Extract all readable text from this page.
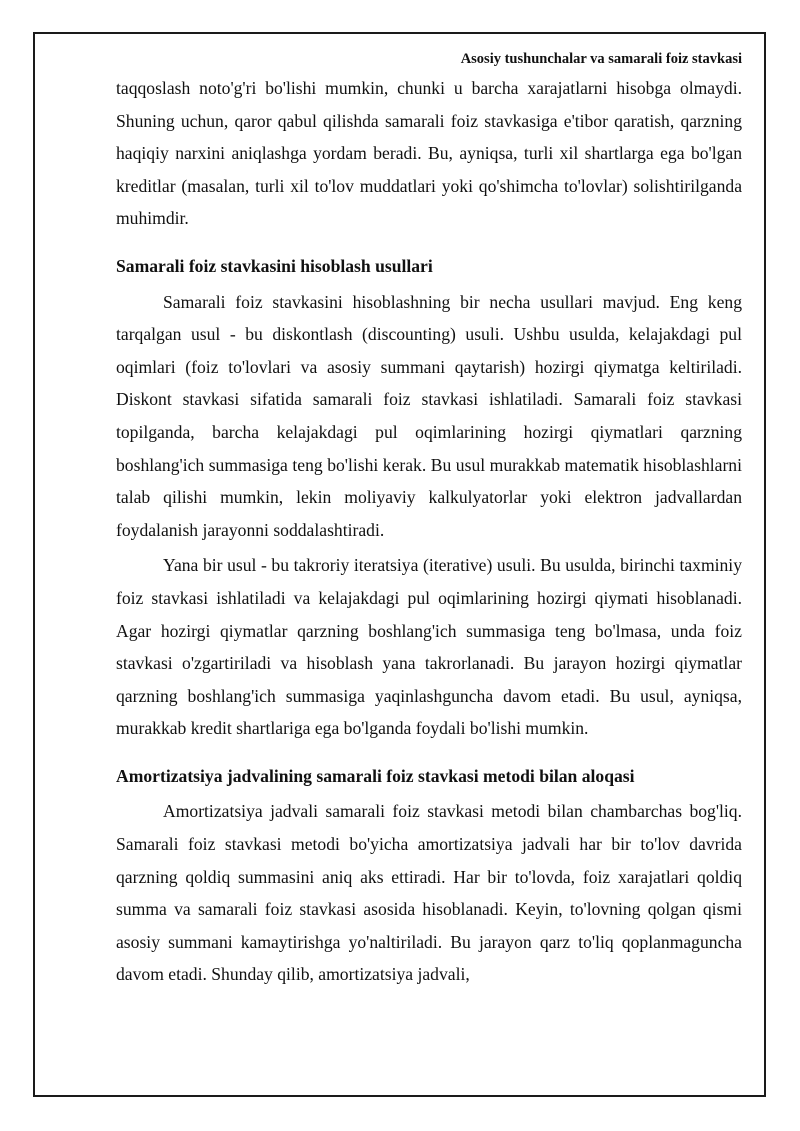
Asosiy tushunchalar va samarali foiz stavkasi

taqqoslash noto'g'ri bo'lishi mumkin, chunki u barcha xarajatlarni hisobga olmaydi. Shuning uchun, qaror qabul qilishda samarali foiz stavkasiga e'tibor qaratish, qarzning haqiqiy narxini aniqlashga yordam beradi. Bu, ayniqsa, turli xil shartlarga ega bo'lgan kreditlar (masalan, turli xil to'lov muddatlari yoki qo'shimcha to'lovlar) solishtirilganda muhimdir.

Samarali foiz stavkasini hisoblash usullari

Samarali foiz stavkasini hisoblashning bir necha usullari mavjud. Eng keng tarqalgan usul - bu diskontlash (discounting) usuli. Ushbu usulda, kelajakdagi pul oqimlari (foiz to'lovlari va asosiy summani qaytarish) hozirgi qiymatga keltiriladi. Diskont stavkasi sifatida samarali foiz stavkasi ishlatiladi. Samarali foiz stavkasi topilganda, barcha kelajakdagi pul oqimlarining hozirgi qiymatlari qarzning boshlang'ich summasiga teng bo'lishi kerak. Bu usul murakkab matematik hisoblashlarni talab qilishi mumkin, lekin moliyaviy kalkulyatorlar yoki elektron jadvallardan foydalanish jarayonni soddalashtiradi.

Yana bir usul - bu takroriy iteratsiya (iterative) usuli. Bu usulda, birinchi taxminiy foiz stavkasi ishlatiladi va kelajakdagi pul oqimlarining hozirgi qiymati hisoblanadi. Agar hozirgi qiymatlar qarzning boshlang'ich summasiga teng bo'lmasa, unda foiz stavkasi o'zgartiriladi va hisoblash yana takrorlanadi. Bu jarayon hozirgi qiymatlar qarzning boshlang'ich summasiga yaqinlashguncha davom etadi. Bu usul, ayniqsa, murakkab kredit shartlariga ega bo'lganda foydali bo'lishi mumkin.

Amortizatsiya jadvalining samarali foiz stavkasi metodi bilan aloqasi

Amortizatsiya jadvali samarali foiz stavkasi metodi bilan chambarchas bog'liq. Samarali foiz stavkasi metodi bo'yicha amortizatsiya jadvali har bir to'lov davrida qarzning qoldiq summasini aniq aks ettiradi. Har bir to'lovda, foiz xarajatlari qoldiq summa va samarali foiz stavkasi asosida hisoblanadi. Keyin, to'lovning qolgan qismi asosiy summani kamaytirishga yo'naltiriladi. Bu jarayon qarz to'liq qoplanmaguncha davom etadi. Shunday qilib, amortizatsiya jadvali,
